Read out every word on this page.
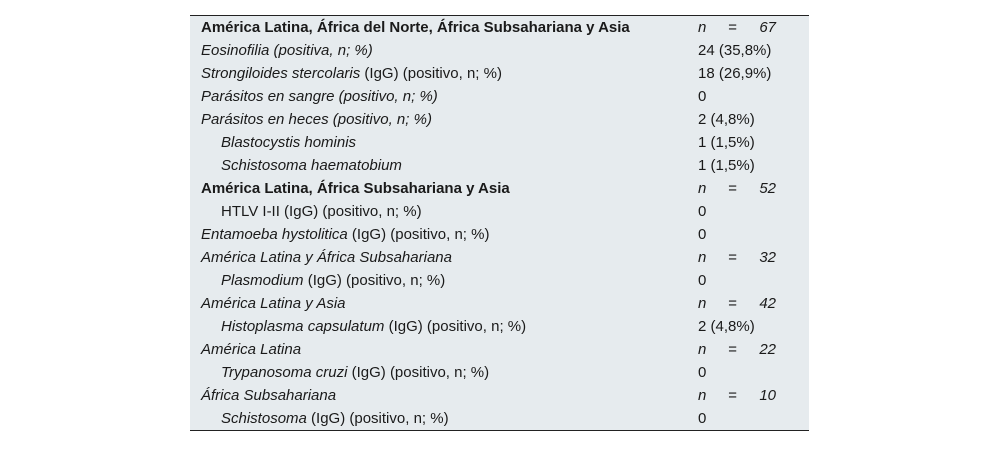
América Latina, África del Norte, África Subsahariana y Asia	n = 67
Eosinofilia (positiva, n; %)	24 (35,8%)
Strongiloides stercolaris (IgG) (positivo, n; %)	18 (26,9%)
Parásitos en sangre (positivo, n; %)	0
Parásitos en heces (positivo, n; %)	2 (4,8%)
Blastocystis hominis	1 (1,5%)
Schistosoma haematobium	1 (1,5%)
América Latina, África Subsahariana y Asia	n = 52
HTLV I-II (IgG) (positivo, n; %)	0
Entamoeba hystolitica (IgG) (positivo, n; %)	0
América Latina y África Subsahariana	n = 32
Plasmodium (IgG) (positivo, n; %)	0
América Latina y Asia	n = 42
Histoplasma capsulatum (IgG) (positivo, n; %)	2 (4,8%)
América Latina	n = 22
Trypanosoma cruzi (IgG) (positivo, n; %)	0
África Subsahariana	n = 10
Schistosoma (IgG) (positivo, n; %)	0
